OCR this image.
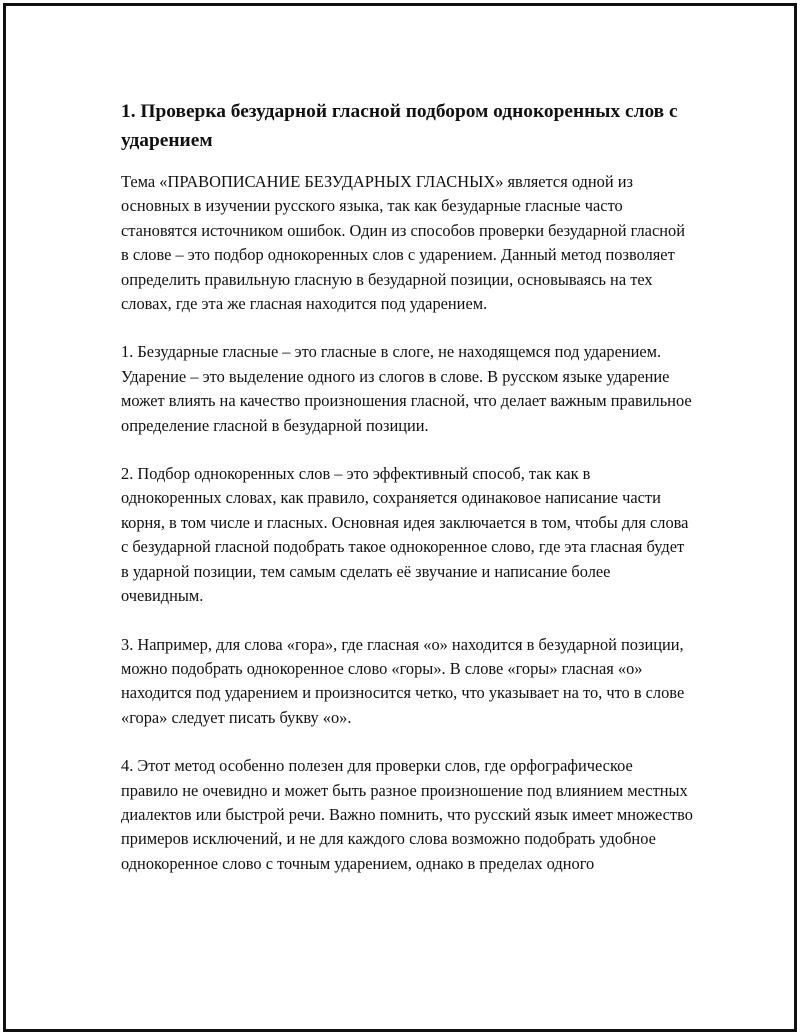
1. Проверка безударной гласной подбором однокоренных слов с ударением

Тема «ПРАВОПИСАНИЕ БЕЗУДАРНЫХ ГЛАСНЫХ» является одной из основных в изучении русского языка, так как безударные гласные часто становятся источником ошибок. Один из способов проверки безударной гласной в слове – это подбор однокоренных слов с ударением. Данный метод позволяет определить правильную гласную в безударной позиции, основываясь на тех словах, где эта же гласная находится под ударением.

1. Безударные гласные – это гласные в слоге, не находящемся под ударением. Ударение – это выделение одного из слогов в слове. В русском языке ударение может влиять на качество произношения гласной, что делает важным правильное определение гласной в безударной позиции.

2. Подбор однокоренных слов – это эффективный способ, так как в однокоренных словах, как правило, сохраняется одинаковое написание части корня, в том числе и гласных. Основная идея заключается в том, чтобы для слова с безударной гласной подобрать такое однокоренное слово, где эта гласная будет в ударной позиции, тем самым сделать её звучание и написание более очевидным.

3. Например, для слова «гора», где гласная «о» находится в безударной позиции, можно подобрать однокоренное слово «горы». В слове «горы» гласная «о» находится под ударением и произносится четко, что указывает на то, что в слове «гора» следует писать букву «о».

4. Этот метод особенно полезен для проверки слов, где орфографическое правило не очевидно и может быть разное произношение под влиянием местных диалектов или быстрой речи. Важно помнить, что русский язык имеет множество примеров исключений, и не для каждого слова возможно подобрать удобное однокоренное слово с точным ударением, однако в пределах одного
